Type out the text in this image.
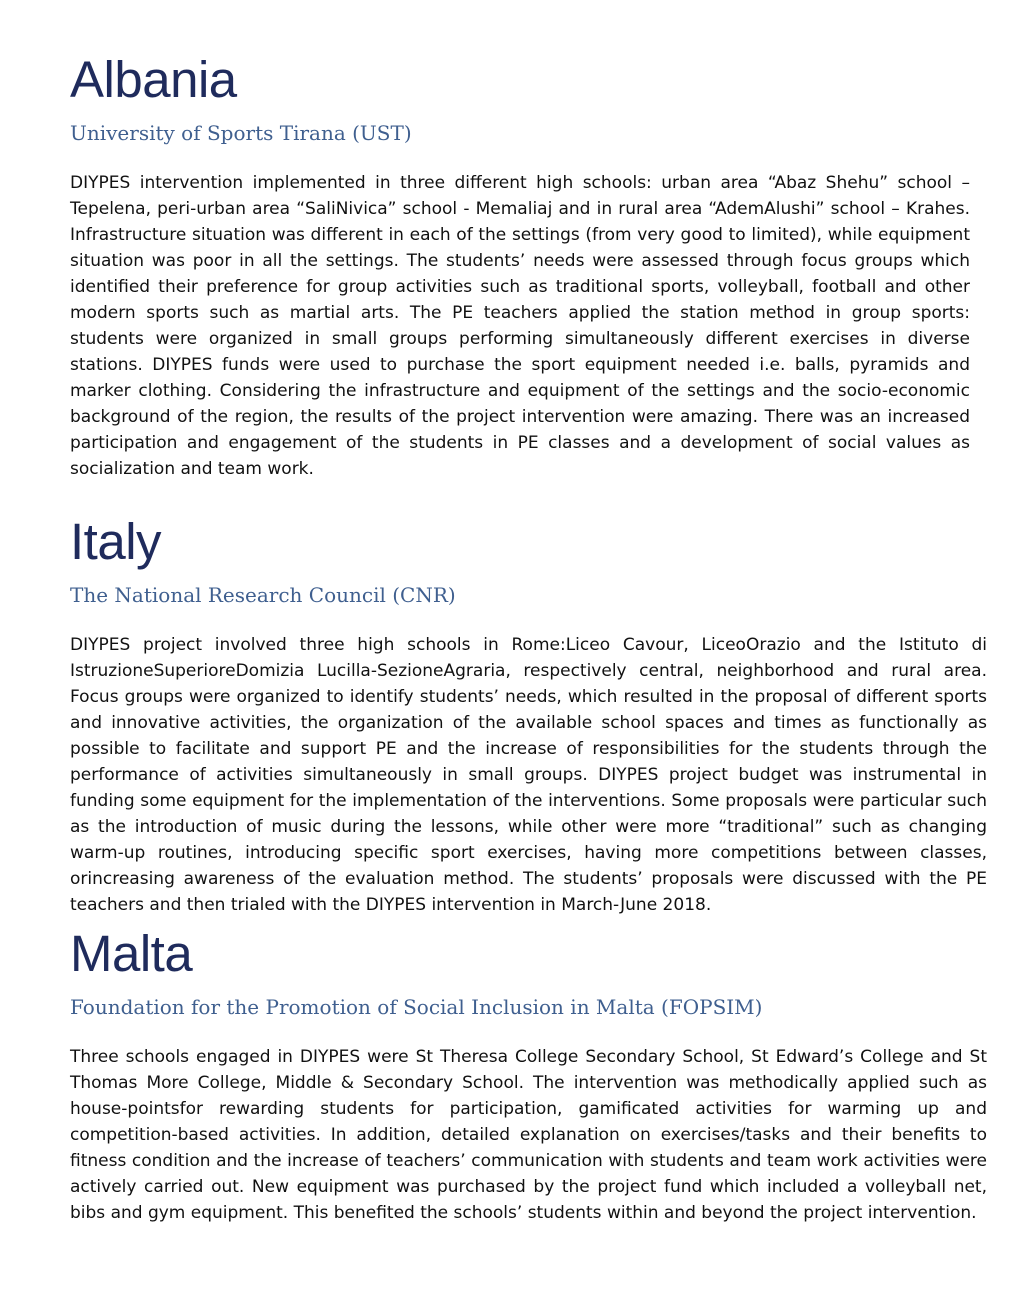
Albania
University of Sports Tirana (UST)

DIYPES intervention implemented in three different high schools: urban area “Abaz Shehu” school – Tepelena, peri-urban area “SaliNivica” school - Memaliaj and in rural area “AdemAlushi” school – Krahes. Infrastructure situation was different in each of the settings (from very good to limited), while equipment situation was poor in all the settings. The students’ needs were assessed through focus groups which identified their preference for group activities such as traditional sports, volleyball, football and other modern sports such as martial arts. The PE teachers applied the station method in group sports: students were organized in small groups performing simultaneously different exercises in diverse stations. DIYPES funds were used to purchase the sport equipment needed i.e. balls, pyramids and marker clothing. Considering the infrastructure and equipment of the settings and the socio-economic background of the region, the results of the project intervention were amazing. There was an increased participation and engagement of the students in PE classes and a development of social values as socialization and team work.

Italy
The National Research Council (CNR)

DIYPES project involved three high schools in Rome:Liceo Cavour, LiceoOrazio and the Istituto di IstruzioneSuperioreDomizia Lucilla-SezioneAgraria, respectively central, neighborhood and rural area. Focus groups were organized to identify students’ needs, which resulted in the proposal of different sports and innovative activities, the organization of the available school spaces and times as functionally as possible to facilitate and support PE and the increase of responsibilities for the students through the performance of activities simultaneously in small groups. DIYPES project budget was instrumental in funding some equipment for the implementation of the interventions. Some proposals were particular such as the introduction of music during the lessons, while other were more “traditional” such as changing warm-up routines, introducing specific sport exercises, having more competitions between classes, orincreasing awareness of the evaluation method. The students’ proposals were discussed with the PE teachers and then trialed with the DIYPES intervention in March-June 2018.

Malta
Foundation for the Promotion of Social Inclusion in Malta (FOPSIM)

Three schools engaged in DIYPES were St Theresa College Secondary School, St Edward’s College and St Thomas More College, Middle & Secondary School. The intervention was methodically applied such as house-pointsfor rewarding students for participation, gamificated activities for warming up and competition-based activities. In addition, detailed explanation on exercises/tasks and their benefits to fitness condition and the increase of teachers’ communication with students and team work activities were actively carried out. New equipment was purchased by the project fund which included a volleyball net, bibs and gym equipment. This benefited the schools’ students within and beyond the project intervention.
